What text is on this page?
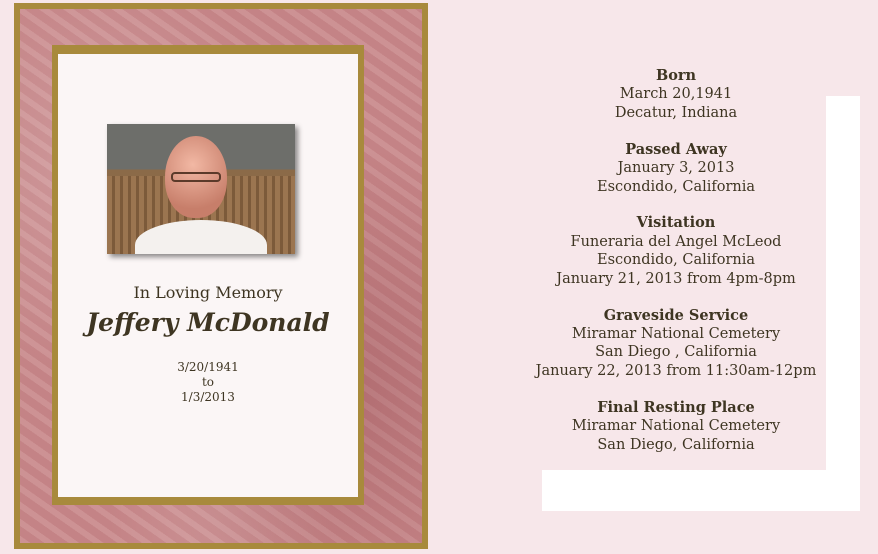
In Loving Memory
Jeffery McDonald
3/20/1941
to
1/3/2013
Born
March 20,1941
Decatur, Indiana
Passed Away
January 3, 2013
Escondido, California
Visitation
Funeraria del Angel McLeod
Escondido, California
January 21, 2013 from 4pm-8pm
Graveside Service
Miramar National Cemetery
San Diego , California
January 22, 2013 from 11:30am-12pm
Final Resting Place
Miramar National Cemetery
San Diego, California
